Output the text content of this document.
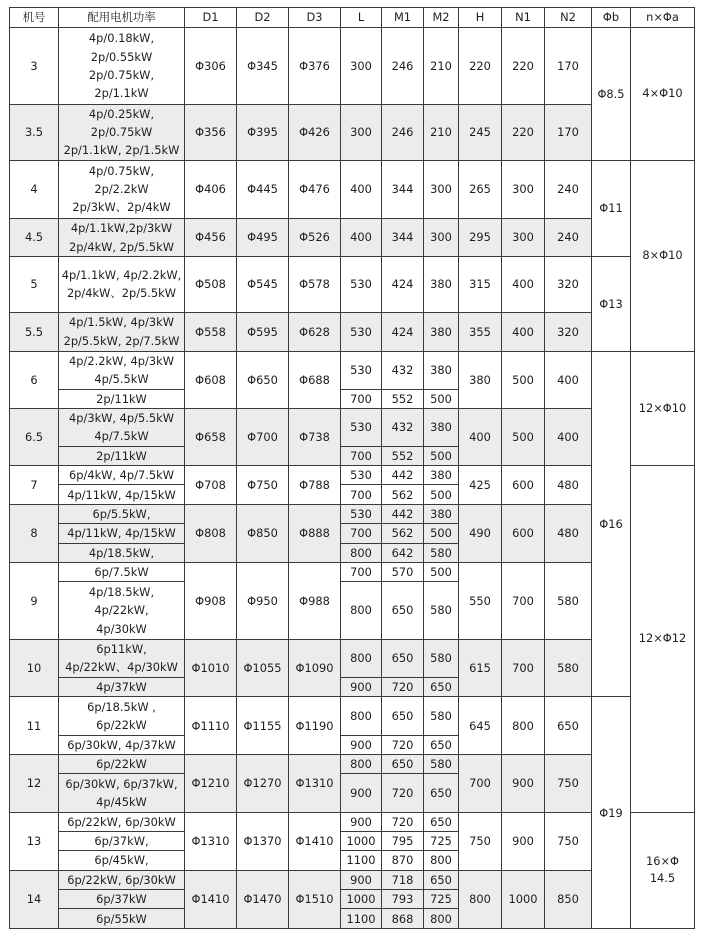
机号	配用电机功率	D1	D2	D3	L	M1	M2	H	N1	N2	Φb	n×Φa
3	4p/0.18kW,
2p/0.55kW
2p/0.75kW,
2p/1.1kW	Φ306	Φ345	Φ376	300	246	210	220	220	170	Φ8.5	4×Φ10
3.5	4p/0.25kW,
2p/0.75kW
2p/1.1kW, 2p/1.5kW	Φ356	Φ395	Φ426	300	246	210	245	220	170		
4	4p/0.75kW,
2p/2.2kW
2p/3kW、2p/4kW	Φ406	Φ445	Φ476	400	344	300	265	300	240	Φ11	8×Φ10
4.5	4p/1.1kW,2p/3kW
2p/4kW, 2p/5.5kW	Φ456	Φ495	Φ526	400	344	300	295	300	240		
5	4p/1.1kW, 4p/2.2kW,
2p/4kW、2p/5.5kW	Φ508	Φ545	Φ578	530	424	380	315	400	320	Φ13	
5.5	4p/1.5kW, 4p/3kW
2p/5.5kW, 2p/7.5kW	Φ558	Φ595	Φ628	530	424	380	355	400	320		
6	4p/2.2kW, 4p/3kW
4p/5.5kW	Φ608	Φ650	Φ688	530	432	380	380	500	400	Φ16	12×Φ10
	2p/11kW				700	552	500					
6.5	4p/3kW, 4p/5.5kW
4p/7.5kW	Φ658	Φ700	Φ738	530	432	380	400	500	400		
	2p/11kW				700	552	500					
7	6p/4kW, 4p/7.5kW	Φ708	Φ750	Φ788	530	442	380	425	600	480		12×Φ12
	4p/11kW, 4p/15kW				700	562	500					
8	6p/5.5kW,	Φ808	Φ850	Φ888	530	442	380	490	600	480		
	4p/11kW, 4p/15kW				700	562	500					
	4p/18.5kW,				800	642	580					
9	6p/7.5kW	Φ908	Φ950	Φ988	700	570	500	550	700	580		
	4p/18.5kW,
4p/22kW,
4p/30kW				800	650	580					
10	6p11kW,
4p/22kW、4p/30kW	Φ1010	Φ1055	Φ1090	800	650	580	615	700	580		
	4p/37kW				900	720	650					
11	6p/18.5kW ,
6p/22kW	Φ1110	Φ1155	Φ1190	800	650	580	645	800	650	Φ19	
	6p/30kW, 4p/37kW				900	720	650					
12	6p/22kW	Φ1210	Φ1270	Φ1310	800	650	580	700	900	750		
	6p/30kW, 6p/37kW,
4p/45kW				900	720	650					
13	6p/22kW, 6p/30kW	Φ1310	Φ1370	Φ1410	900	720	650	750	900	750		16×Φ
14.5
	6p/37kW,				1000	795	725					
	6p/45kW,				1100	870	800					
14	6p/22kW, 6p/30kW	Φ1410	Φ1470	Φ1510	900	718	650	800	1000	850		
	6p/37kW				1000	793	725					
	6p/55kW				1100	868	800					
